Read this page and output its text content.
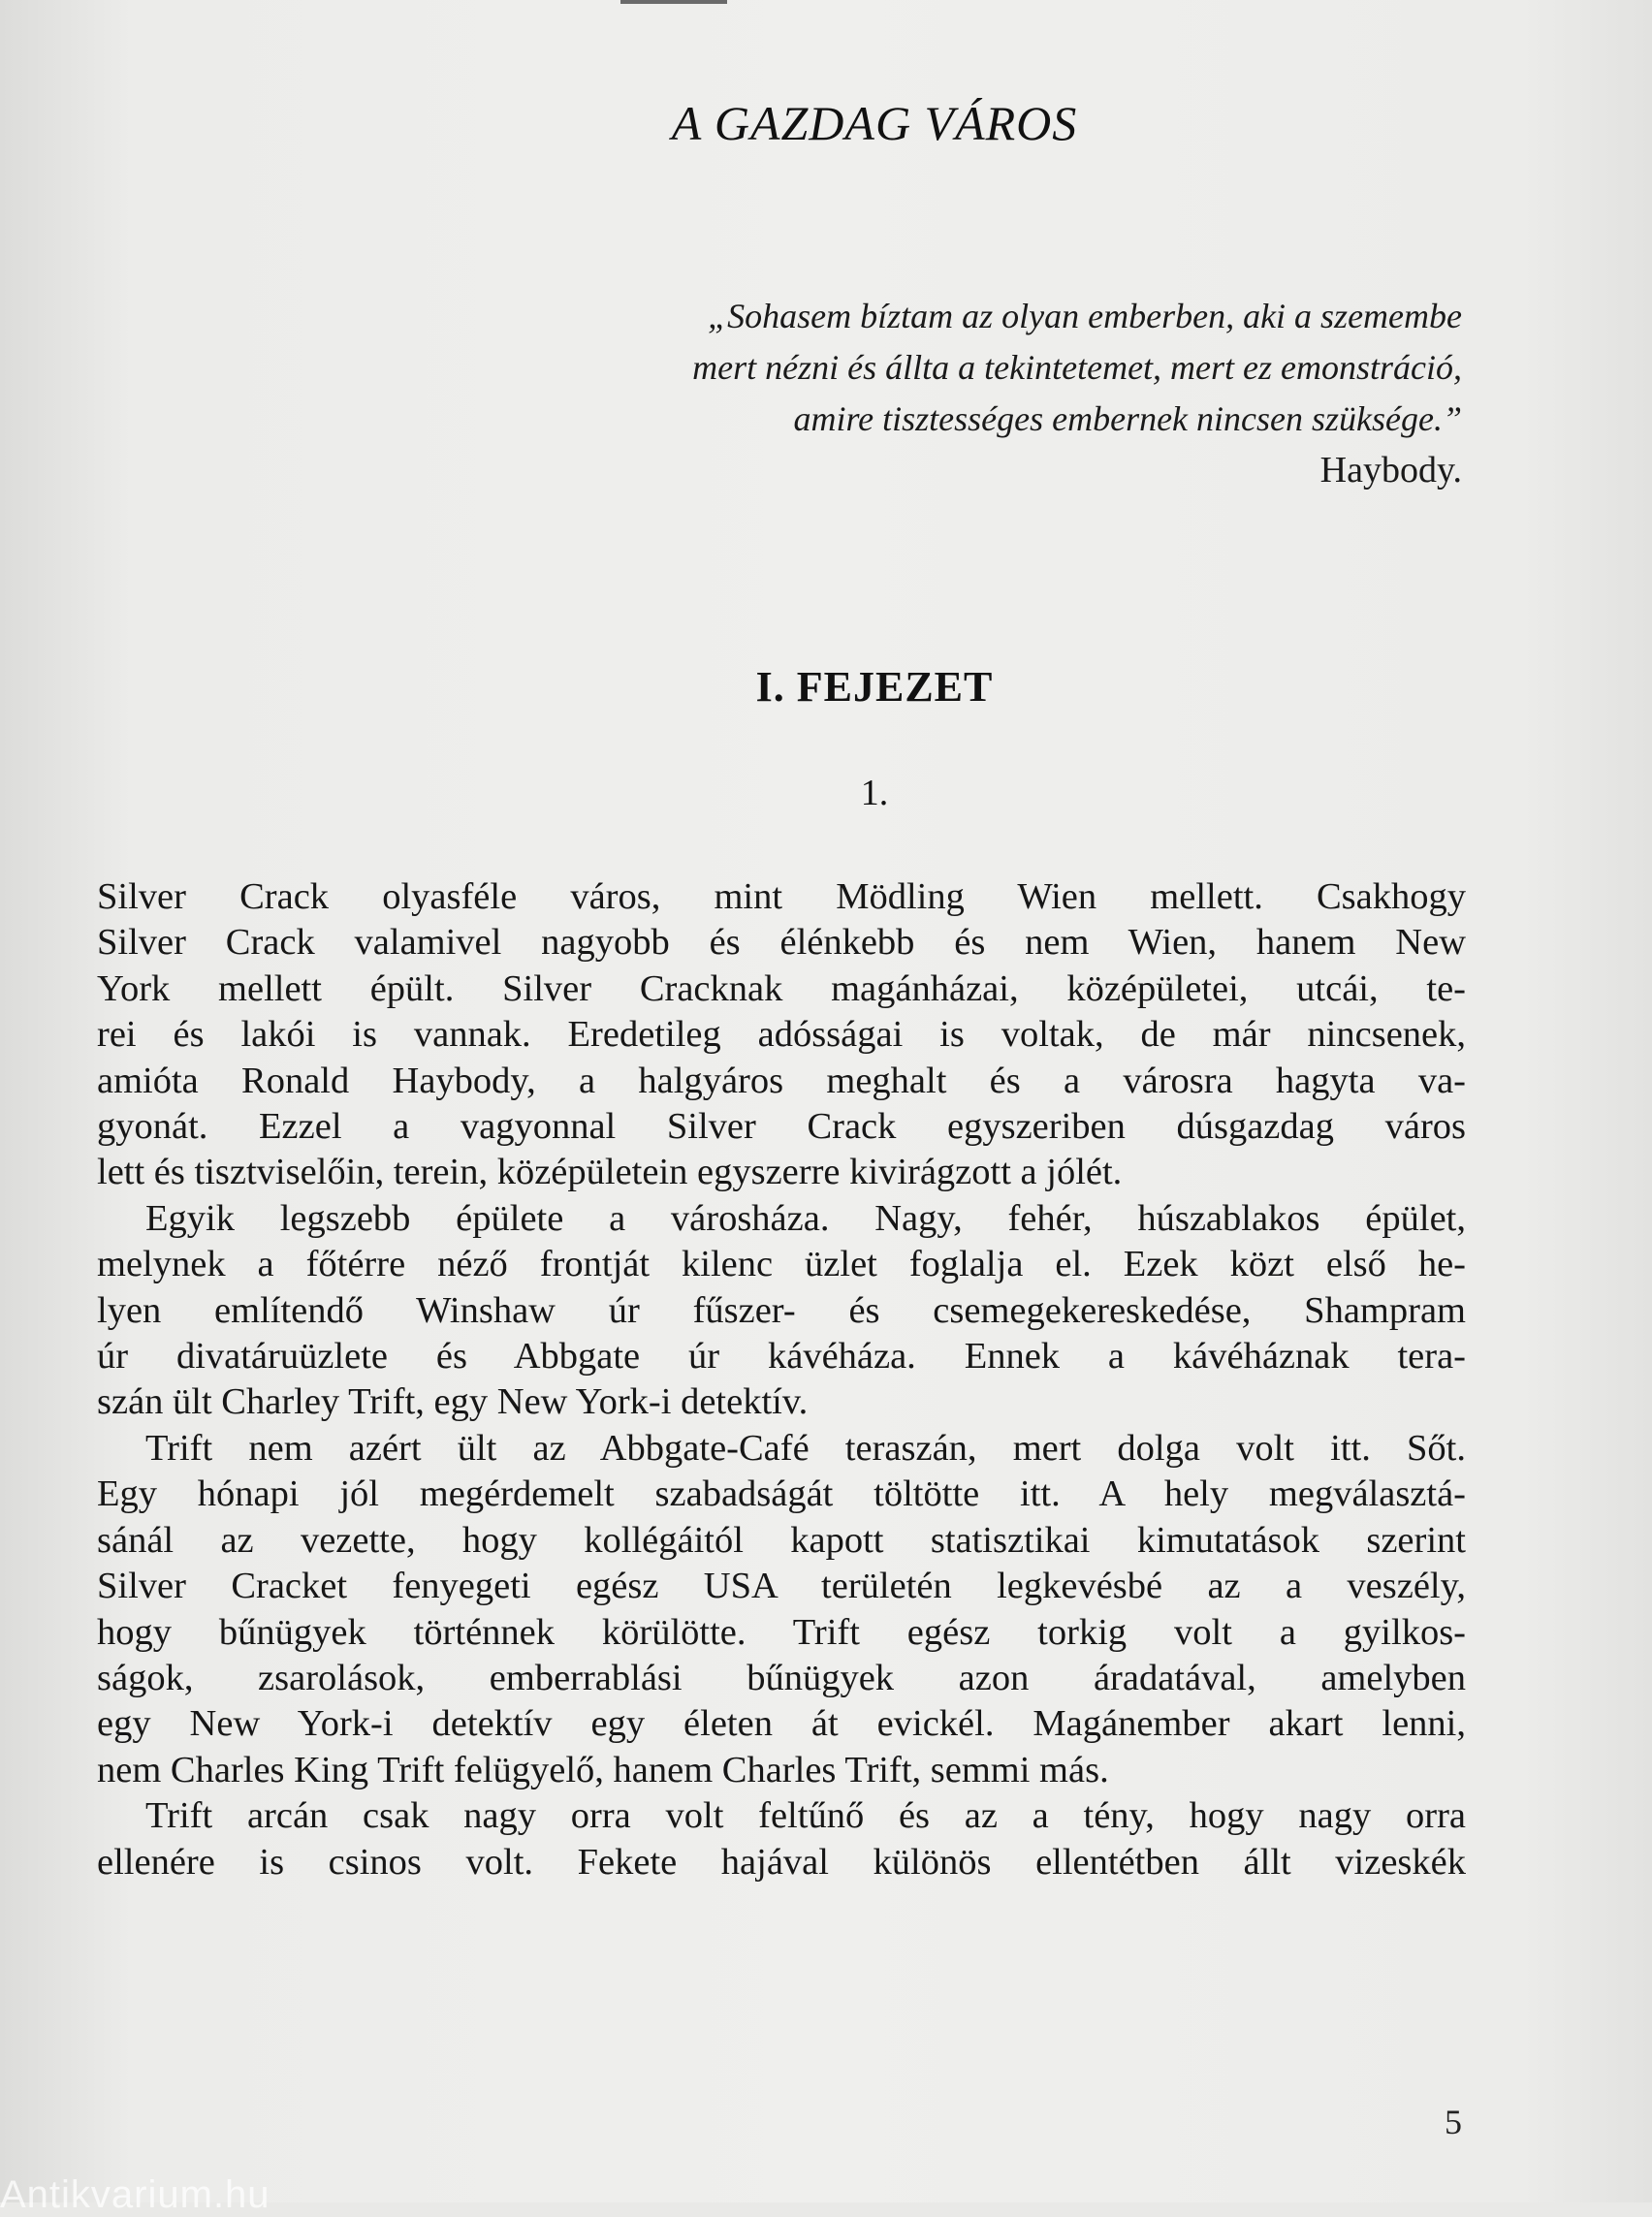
A GAZDAG VÁROS
„Sohasem bíztam az olyan emberben, aki a szemembe
mert nézni és állta a tekintetemet, mert ez emonstráció,
amire tisztességes embernek nincsen szüksége.”
Haybody.
I. FEJEZET
1.

Silver Crack olyasféle város, mint Mödling Wien mellett. Csakhogy
Silver Crack valamivel nagyobb és élénkebb és nem Wien, hanem New
York mellett épült. Silver Cracknak magánházai, középületei, utcái, te-
rei és lakói is vannak. Eredetileg adósságai is voltak, de már nincsenek,
amióta Ronald Haybody, a halgyáros meghalt és a városra hagyta va-
gyonát. Ezzel a vagyonnal Silver Crack egyszeriben dúsgazdag város
lett és tisztviselőin, terein, középületein egyszerre kivirágzott a jólét.

Egyik legszebb épülete a városháza. Nagy, fehér, húszablakos épület,
melynek a főtérre néző frontját kilenc üzlet foglalja el. Ezek közt első he-
lyen említendő Winshaw úr fűszer- és csemegekereskedése, Shampram
úr divatáruüzlete és Abbgate úr kávéháza. Ennek a kávéháznak tera-
szán ült Charley Trift, egy New York-i detektív.

Trift nem azért ült az Abbgate-Café teraszán, mert dolga volt itt. Sőt.
Egy hónapi jól megérdemelt szabadságát töltötte itt. A hely megválasztá-
sánál az vezette, hogy kollégáitól kapott statisztikai kimutatások szerint
Silver Cracket fenyegeti egész USA területén legkevésbé az a veszély,
hogy bűnügyek történnek körülötte. Trift egész torkig volt a gyilkos-
ságok, zsarolások, emberrablási bűnügyek azon áradatával, amelyben
egy New York-i detektív egy életen át evickél. Magánember akart lenni,
nem Charles King Trift felügyelő, hanem Charles Trift, semmi más.

Trift arcán csak nagy orra volt feltűnő és az a tény, hogy nagy orra
ellenére is csinos volt. Fekete hajával különös ellentétben állt vizeskék

5
Antikvarium.hu
